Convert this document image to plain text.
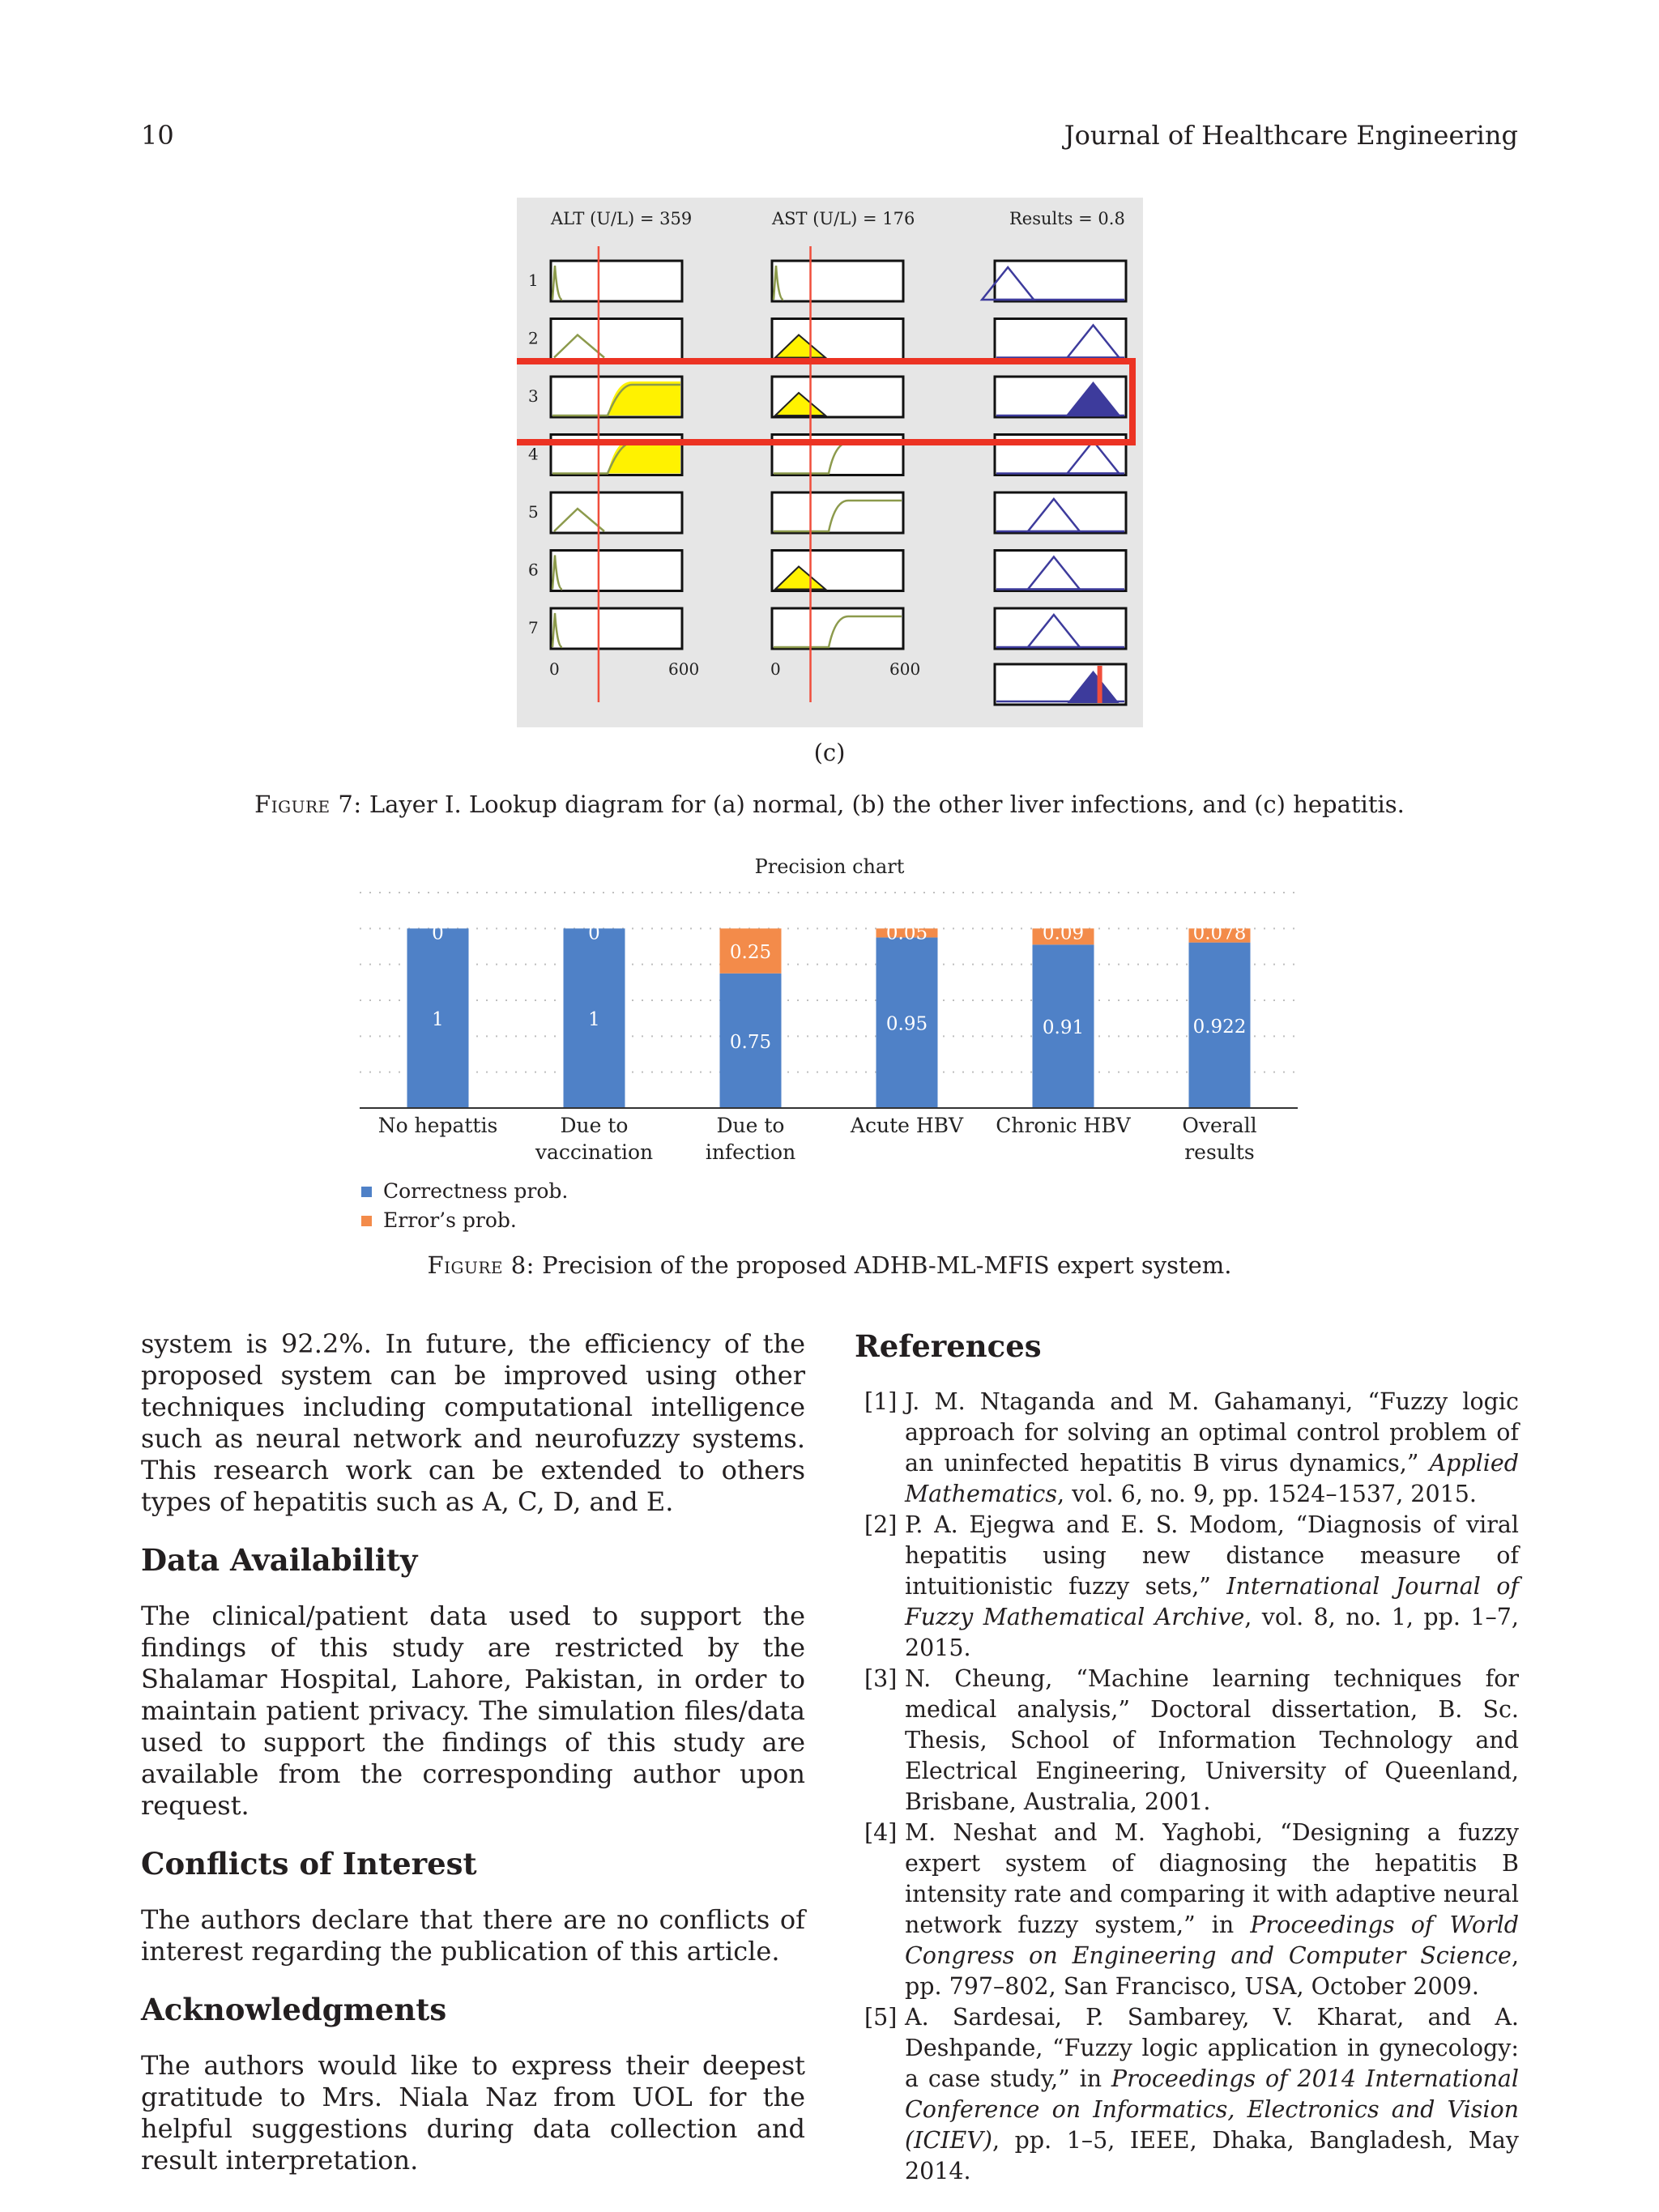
10	Journal of Healthcare Engineering
ALT (U/L) = 359	AST (U/L) = 176	Results = 0.8
1
2
3
4
5
6
7
0	600	0	600
(c)
Figure 7: Layer I. Lookup diagram for (a) normal, (b) the other liver infections, and (c) hepatitis.
Precision chart
1
0
1
0
0.75
0.25
0.95
0.05
0.91
0.09
0.922
0.078
No hepattis	Due to
vaccination
Due to
infection
Acute HBV Chronic HBV	Overall
results
Correctness prob.
Error’s prob.
Figure 8: Precision of the proposed ADHB-ML-MFIS expert system.

system is 92.2%. In future, the efficiency of the proposed system can be improved using other techniques including computational intelligence such as neural network and neurofuzzy systems. This research work can be extended to others types of hepatitis such as A, C, D, and E.

Data Availability

The clinical/patient data used to support the findings of this study are restricted by the Shalamar Hospital, Lahore, Pakistan, in order to maintain patient privacy. The simulation files/data used to support the findings of this study are available from the corresponding author upon request.

Conflicts of Interest

The authors declare that there are no conflicts of interest regarding the publication of this article.

Acknowledgments

The authors would like to express their deepest gratitude to Mrs. Niala Naz from UOL for the helpful suggestions during data collection and result interpretation.

References
[1] J. M. Ntaganda and M. Gahamanyi, “Fuzzy logic approach for solving an optimal control problem of an uninfected hepatitis B virus dynamics,” Applied Mathematics, vol. 6, no. 9, pp. 1524–1537, 2015.
[2] P. A. Ejegwa and E. S. Modom, “Diagnosis of viral hepatitis using new distance measure of intuitionistic fuzzy sets,” International Journal of Fuzzy Mathematical Archive, vol. 8, no. 1, pp. 1–7, 2015.
[3] N. Cheung, “Machine learning techniques for medical analysis,” Doctoral dissertation, B. Sc. Thesis, School of Information Technology and Electrical Engineering, University of Queenland, Brisbane, Australia, 2001.
[4] M. Neshat and M. Yaghobi, “Designing a fuzzy expert system of diagnosing the hepatitis B intensity rate and comparing it with adaptive neural network fuzzy system,” in Proceedings of World Congress on Engineering and Computer Science, pp. 797–802, San Francisco, USA, October 2009.
[5] A. Sardesai, P. Sambarey, V. Kharat, and A. Deshpande, “Fuzzy logic application in gynecology: a case study,” in Proceedings of 2014 International Conference on Informatics, Electronics and Vision (ICIEV), pp. 1–5, IEEE, Dhaka, Bangladesh, May 2014.
